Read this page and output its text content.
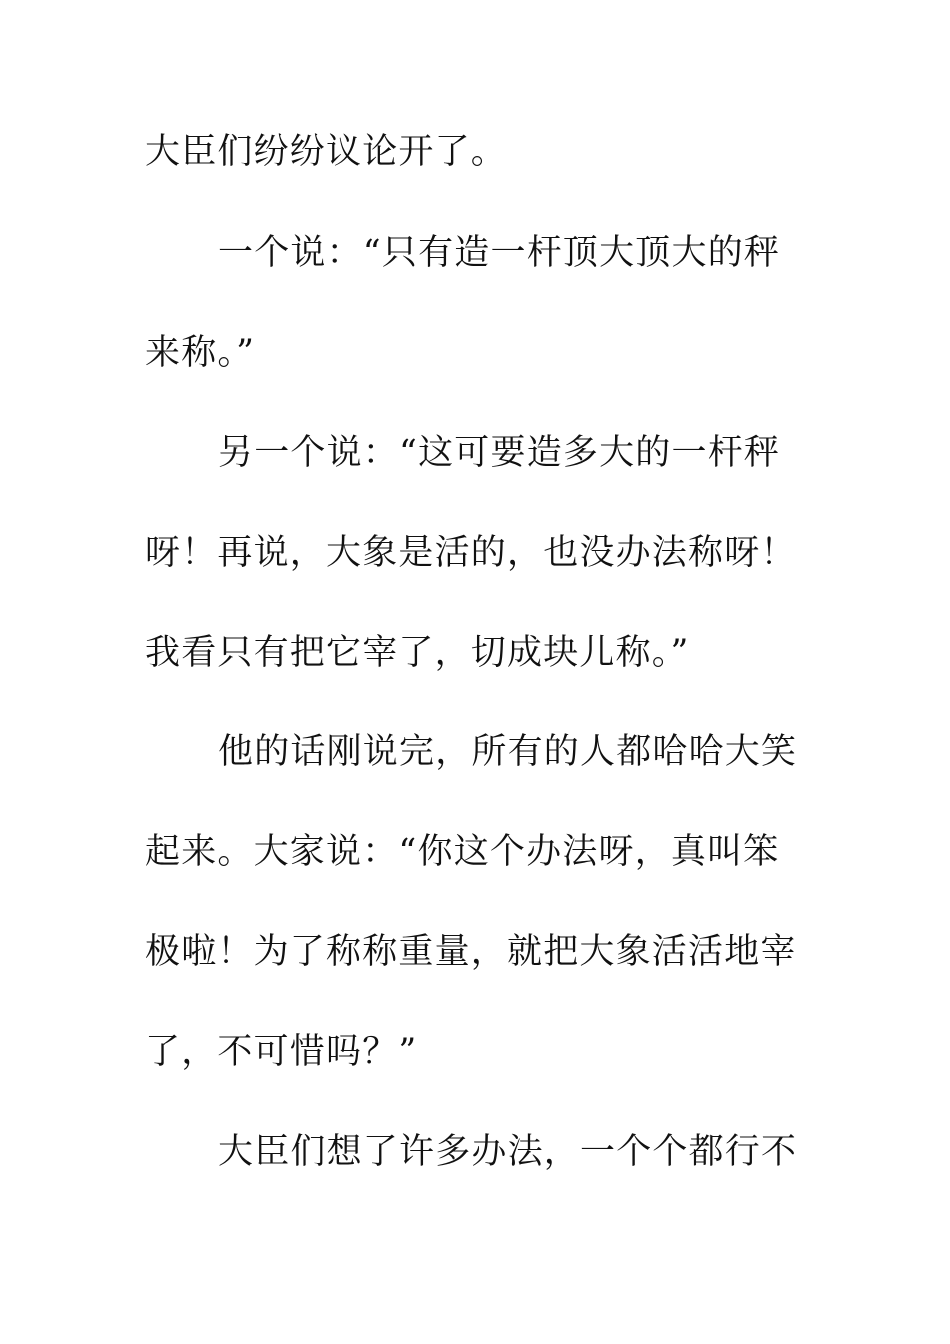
大臣们纷纷议论开了。
一个说：“只有造一杆顶大顶大的秤
来称。”
另一个说：“这可要造多大的一杆秤
呀！再说，大象是活的，也没办法称呀！
我看只有把它宰了，切成块儿称。”
他的话刚说完，所有的人都哈哈大笑
起来。大家说：“你这个办法呀，真叫笨
极啦！为了称称重量，就把大象活活地宰
了，不可惜吗？”
大臣们想了许多办法，一个个都行不
